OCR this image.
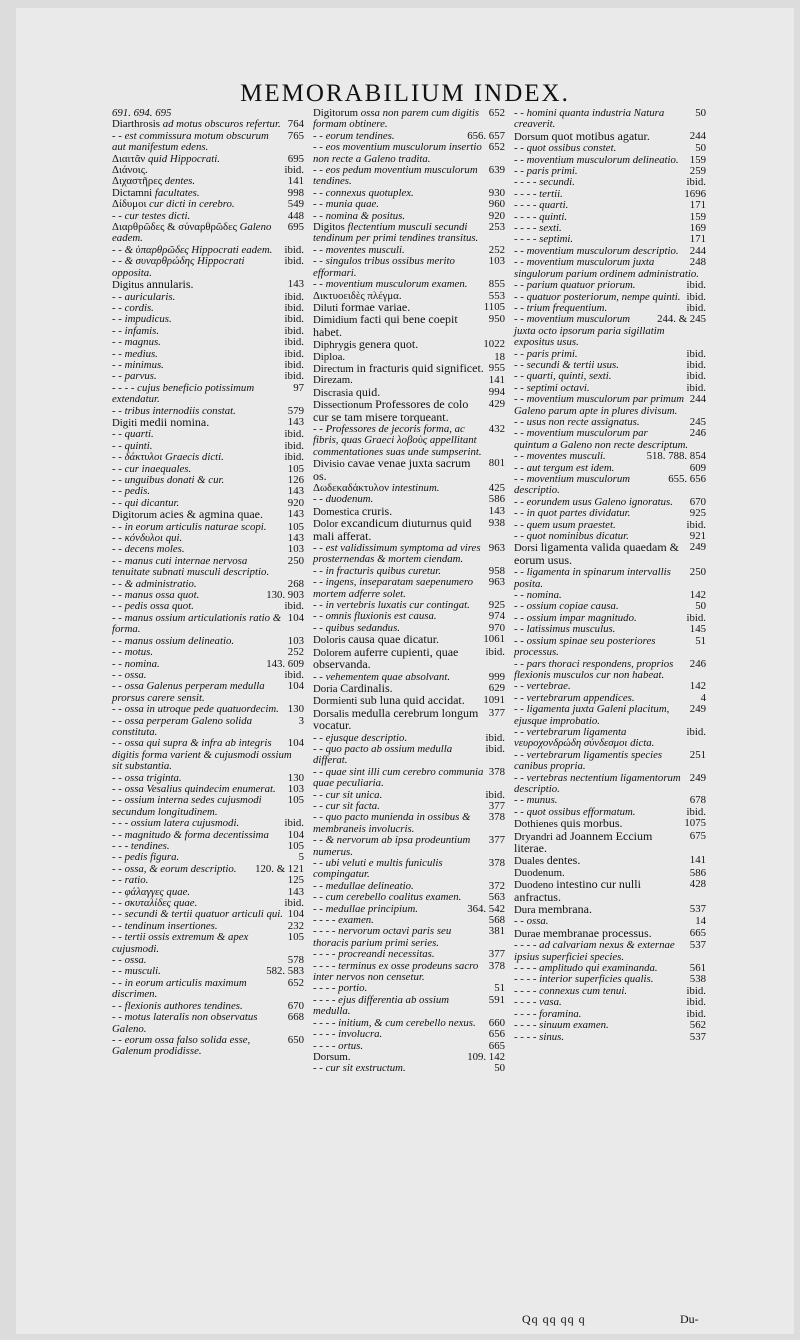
MEMORABILIUM INDEX.

691. 694. 695

764
Diarthrosis ad motus obscuros refertur.

765
- - est commissura motum obscurum aut manifestum edens.

695
Διαιτᾶν quid Hippocrati.

ibid.
Διάνοις.

141
Διχαστῆρες dentes.

998
Dictamni facultates.

549
Δίδυμοι cur dicti in cerebro.

448
- - cur testes dicti.

695
Διαρθρῶδες & σύναρθρῶδες Galeno eadem.

ibid.
- - & ὑπαρθρῶδες Hippocrati eadem.

ibid.
- - & συναρθρώδης Hippocrati opposita.

143
Digitus annularis.

ibid.
- - auricularis.

ibid.
- - cordis.

ibid.
- - impudicus.

ibid.
- - infamis.

ibid.
- - magnus.

ibid.
- - medius.

ibid.
- - minimus.

ibid.
- - parvus.

97
- - - - cujus beneficio potissimum extendatur.

579
- - tribus internodiis constat.

143
Digiti medii nomina.

ibid.
- - quarti.

ibid.
- - quinti.

ibid.
- - δάκτυλοι Graecis dicti.

105
- - cur inaequales.

126
- - unguibus donati & cur.

143
- - pedis.

920
- - qui dicantur.

143
Digitorum acies & agmina quae.

105
- - in eorum articulis naturae scopi.

143
- - κόνδυλοι qui.

103
- - decens moles.

250
- - manus cuti internae nervosa tenuitate subnati musculi descriptio.

268
- - & administratio.

130. 903
- - manus ossa quot.

ibid.
- - pedis ossa quot.

104
- - manus ossium articulationis ratio & forma.

103
- - manus ossium delineatio.

252
- - motus.

143. 609
- - nomina.

ibid.
- - ossa.

104
- - ossa Galenus perperam medulla prorsus carere sensit.

130
- - ossa in utroque pede quatuordecim.

3
- - ossa perperam Galeno solida constituta.

104
- - ossa qui supra & infra ab integris digitis forma varient & cujusmodi ossium sit substantia.

130
- - ossa triginta.

103
- - ossa Vesalius quindecim enumerat.

105
- - ossium interna sedes cujusmodi secundum longitudinem.

ibid.
- - - ossium latera cujusmodi.

104
- - magnitudo & forma decentissima

105
- - - tendines.

5
- - pedis figura.

120. & 121
- - ossa, & eorum descriptio.

125
- - ratio.

143
- - φάλαγγες quae.

ibid.
- - σκυταλίδες quae.

104
- - secundi & tertii quatuor articuli qui.

232
- - tendinum insertiones.

105
- - tertii ossis extremum & apex cujusmodi.

578
- - ossa.

582. 583
- - musculi.

652
- - in eorum articulis maximum discrimen.

670
- - flexionis authores tendines.

668
- - motus lateralis non observatus Galeno.

650
- - eorum ossa falso solida esse, Galenum prodidisse.

652
Digitorum ossa non parem cum digitis formam obtinere.

656. 657
- - eorum tendines.

652
- - eos moventium musculorum insertio non recte a Galeno tradita.

639
- - eos pedum moventium musculorum tendines.

930
- - connexus quotuplex.

960
- - munia quae.

920
- - nomina & positus.

253
Digitos flectentium musculi secundi tendinum per primi tendines transitus.

252
- - moventes musculi.

103
- - singulos tribus ossibus merito efformari.

855
- - moventium musculorum examen.

553
Δικτυοειδὲς πλέγμα.

1105
Diluti formae variae.

950
Dimidium facti qui bene coepit habet.

1022
Diphrygis genera quot.

18
Diploa.

955
Directum in fracturis quid significet.

141
Direzam.

994
Discrasia quid.

429
Dissectionum Professores de colo cur se tam misere torqueant.

432
- - Professores de jecoris forma, ac fibris, quas Graeci λοβοὺς appellitant commentationes suas unde sumpserint.

801
Divisio cavae venae juxta sacrum os.

425
Δωδεκαδάκτυλον intestinum.

586
- - duodenum.

143
Domestica cruris.

938
Dolor excandicum diuturnus quid mali afferat.

963
- - est validissimum symptoma ad vires prosternendas & mortem ciendam.

958
- - in fracturis quibus curetur.

963
- - ingens, inseparatam saepenumero mortem adferre solet.

925
- - in vertebris luxatis cur contingat.

974
- - omnis fluxionis est causa.

970
- - quibus sedandus.

1061
Doloris causa quae dicatur.

ibid.
Dolorem auferre cupienti, quae observanda.

999
- - vehementem quae absolvant.

629
Doria Cardinalis.

1091
Dormienti sub luna quid accidat.

377
Dorsalis medulla cerebrum longum vocatur.

ibid.
- - ejusque descriptio.

ibid.
- - quo pacto ab ossium medulla differat.

378
- - quae sint illi cum cerebro communia quae peculiaria.

ibid.
- - cur sit unica.

377
- - cur sit facta.

378
- - quo pacto munienda in ossibus & membraneis involucris.

377
- - & nervorum ab ipsa prodeuntium numerus.

378
- - ubi veluti e multis funiculis compingatur.

372
- - medullae delineatio.

563
- - cum cerebello coalitus examen.

364. 542
- - medullae principium.

568
- - - - examen.

381
- - - - nervorum octavi paris seu thoracis parium primi series.

377
- - - - procreandi necessitas.

378
- - - - terminus ex osse prodeuns sacro inter nervos non censetur.

51
- - - - portio.

591
- - - - ejus differentia ab ossium medulla.

660
- - - - initium, & cum cerebello nexus.

656
- - - - involucra.

665
- - - - ortus.

109. 142
Dorsum.

50
- - cur sit exstructum.

50
- - homini quanta industria Natura creaverit.

244
Dorsum quot motibus agatur.

50
- - quot ossibus constet.

159
- - moventium musculorum delineatio.

259
- - paris primi.

ibid.
- - - - secundi.

1696
- - - - tertii.

171
- - - - quarti.

159
- - - - quinti.

169
- - - - sexti.

171
- - - - septimi.

244
- - moventium musculorum descriptio.

248
- - moventium musculorum juxta singulorum parium ordinem administratio.

ibid.
- - parium quatuor priorum.

ibid.
- - quatuor posteriorum, nempe quinti.

ibid.
- - trium frequentium.

244. & 245
- - moventium musculorum juxta octo ipsorum paria sigillatim expositus usus.

ibid.
- - paris primi.

ibid.
- - secundi & tertii usus.

ibid.
- - quarti, quinti, sexti.

ibid.
- - septimi octavi.

244
- - moventium musculorum par primum Galeno parum apte in plures divisum.

245
- - usus non recte assignatus.

246
- - moventium musculorum par quintum a Galeno non recte descriptum.

518. 788. 854
- - moventes musculi.

609
- - aut tergum est idem.

655. 656
- - moventium musculorum descriptio.

670
- - eorundem usus Galeno ignoratus.

925
- - in quot partes dividatur.

ibid.
- - quem usum praestet.

921
- - quot nominibus dicatur.

249
Dorsi ligamenta valida quaedam & eorum usus.

250
- - ligamenta in spinarum intervallis posita.

142
- - nomina.

50
- - ossium copiae causa.

ibid.
- - ossium impar magnitudo.

145
- - latissimus musculus.

51
- - ossium spinae seu posteriores processus.

246
- - pars thoraci respondens, proprios flexionis musculos cur non habeat.

142
- - vertebrae.

4
- - vertebrarum appendices.

249
- - ligamenta juxta Galeni placitum, ejusque improbatio.

ibid.
- - vertebrarum ligamenta νευροχονδρώδη σύνδεσμοι dicta.

251
- - vertebrarum ligamentis species canibus propria.

249
- - vertebras nectentium ligamentorum descriptio.

678
- - munus.

ibid.
- - quot ossibus efformatum.

1075
Dothienes quis morbus.

675
Dryandri ad Joannem Eccium literae.

141
Duales dentes.

586
Duodenum.

428
Duodeno intestino cur nulli anfractus.

537
Dura membrana.

14
- - ossa.

665
Durae membranae processus.

537
- - - - ad calvariam nexus & externae ipsius superficiei species.

561
- - - - amplitudo qui examinanda.

538
- - - - interior superficies qualis.

ibid.
- - - - connexus cum tenui.

ibid.
- - - - vasa.

ibid.
- - - - foramina.

562
- - - - sinuum examen.

537
- - - - sinus.

Qq qq qq q	Du-
